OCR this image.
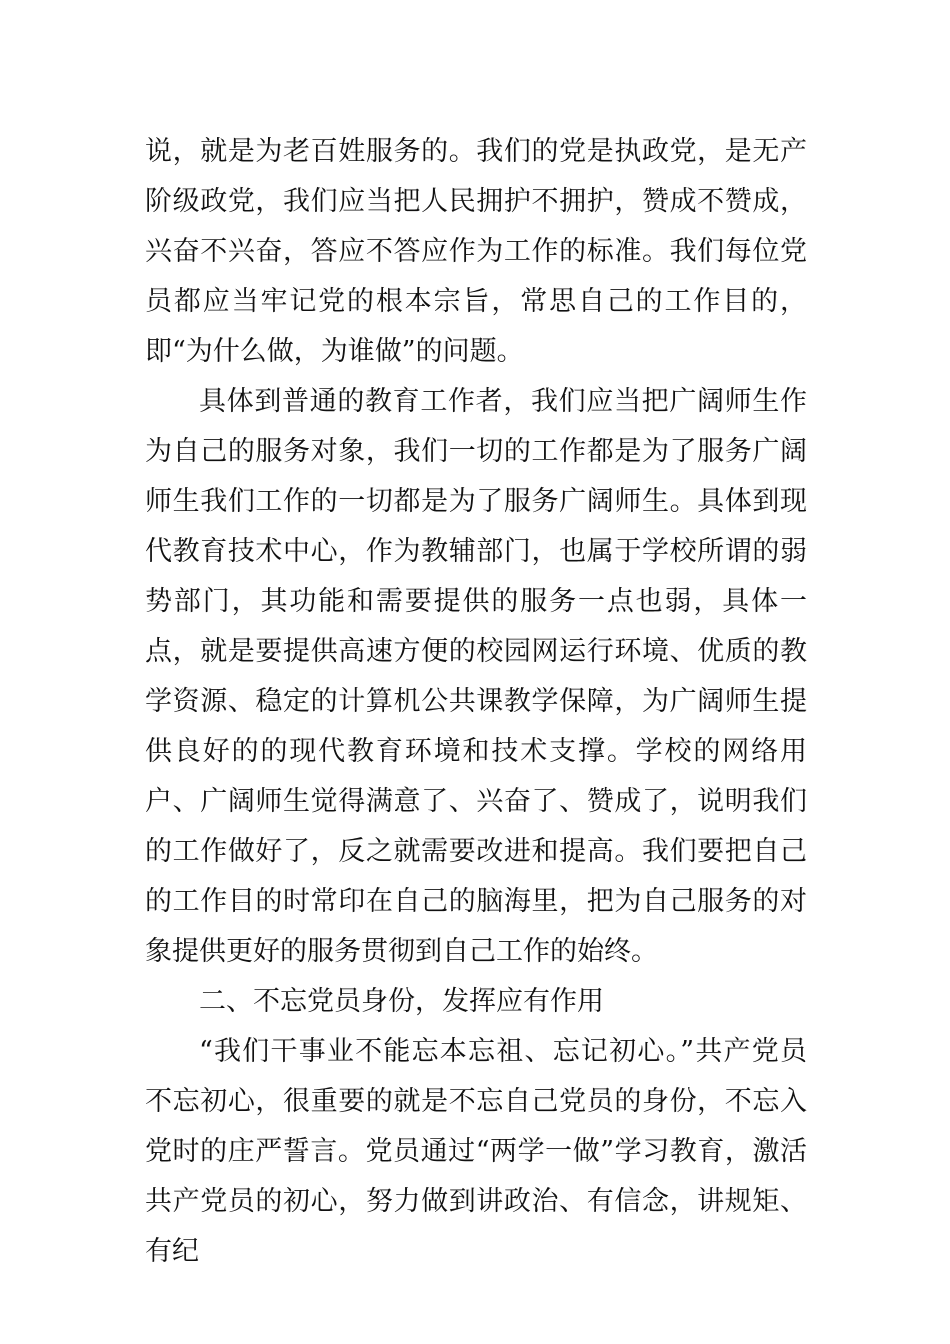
说，就是为老百姓服务的。我们的党是执政党，是无产阶级政党，我们应当把人民拥护不拥护，赞成不赞成，兴奋不兴奋，答应不答应作为工作的标准。我们每位党员都应当牢记党的根本宗旨，常思自己的工作目的，即“为什么做，为谁做”的问题。

具体到普通的教育工作者，我们应当把广阔师生作为自己的服务对象，我们一切的工作都是为了服务广阔师生我们工作的一切都是为了服务广阔师生。具体到现代教育技术中心，作为教辅部门，也属于学校所谓的弱势部门，其功能和需要提供的服务一点也弱，具体一点，就是要提供高速方便的校园网运行环境、优质的教学资源、稳定的计算机公共课教学保障，为广阔师生提供良好的的现代教育环境和技术支撑。学校的网络用户、广阔师生觉得满意了、兴奋了、赞成了，说明我们的工作做好了，反之就需要改进和提高。我们要把自己的工作目的时常印在自己的脑海里，把为自己服务的对象提供更好的服务贯彻到自己工作的始终。

二、不忘党员身份，发挥应有作用

“我们干事业不能忘本忘祖、忘记初心。”共产党员不忘初心，很重要的就是不忘自己党员的身份，不忘入党时的庄严誓言。党员通过“两学一做”学习教育，激活共产党员的初心，努力做到讲政治、有信念，讲规矩、有纪
